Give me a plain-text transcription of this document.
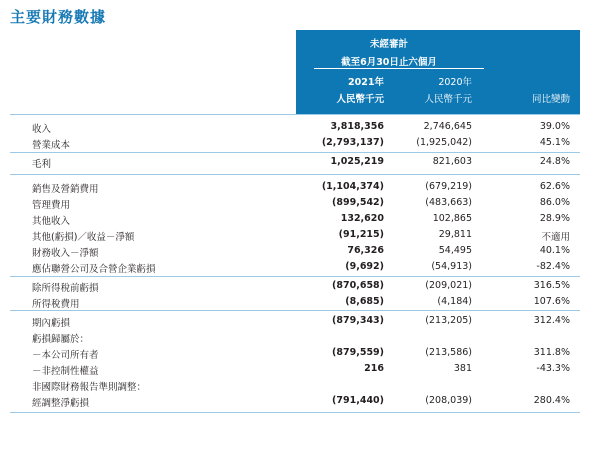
主要財務數據
未經審計
截至6月30日止六個月
2021年	2020年
人民幣千元	人民幣千元	同比變動
收入	3,818,356	2,746,645	39.0%
營業成本	(2,793,137)	(1,925,042)	45.1%
毛利	1,025,219	821,603	24.8%
銷售及營銷費用	(1,104,374)	(679,219)	62.6%
管理費用	(899,542)	(483,663)	86.0%
其他收入	132,620	102,865	28.9%
其他(虧損)／收益－淨額	(91,215)	29,811	不適用
財務收入－淨額	76,326	54,495	40.1%
應佔聯營公司及合營企業虧損	(9,692)	(54,913)	-82.4%
除所得稅前虧損	(870,658)	(209,021)	316.5%
所得稅費用	(8,685)	(4,184)	107.6%
期內虧損	(879,343)	(213,205)	312.4%
虧損歸屬於：
－本公司所有者	(879,559)	(213,586)	311.8%
－非控制性權益	216	381	-43.3%
非國際財務報告準則調整：
經調整淨虧損	(791,440)	(208,039)	280.4%
